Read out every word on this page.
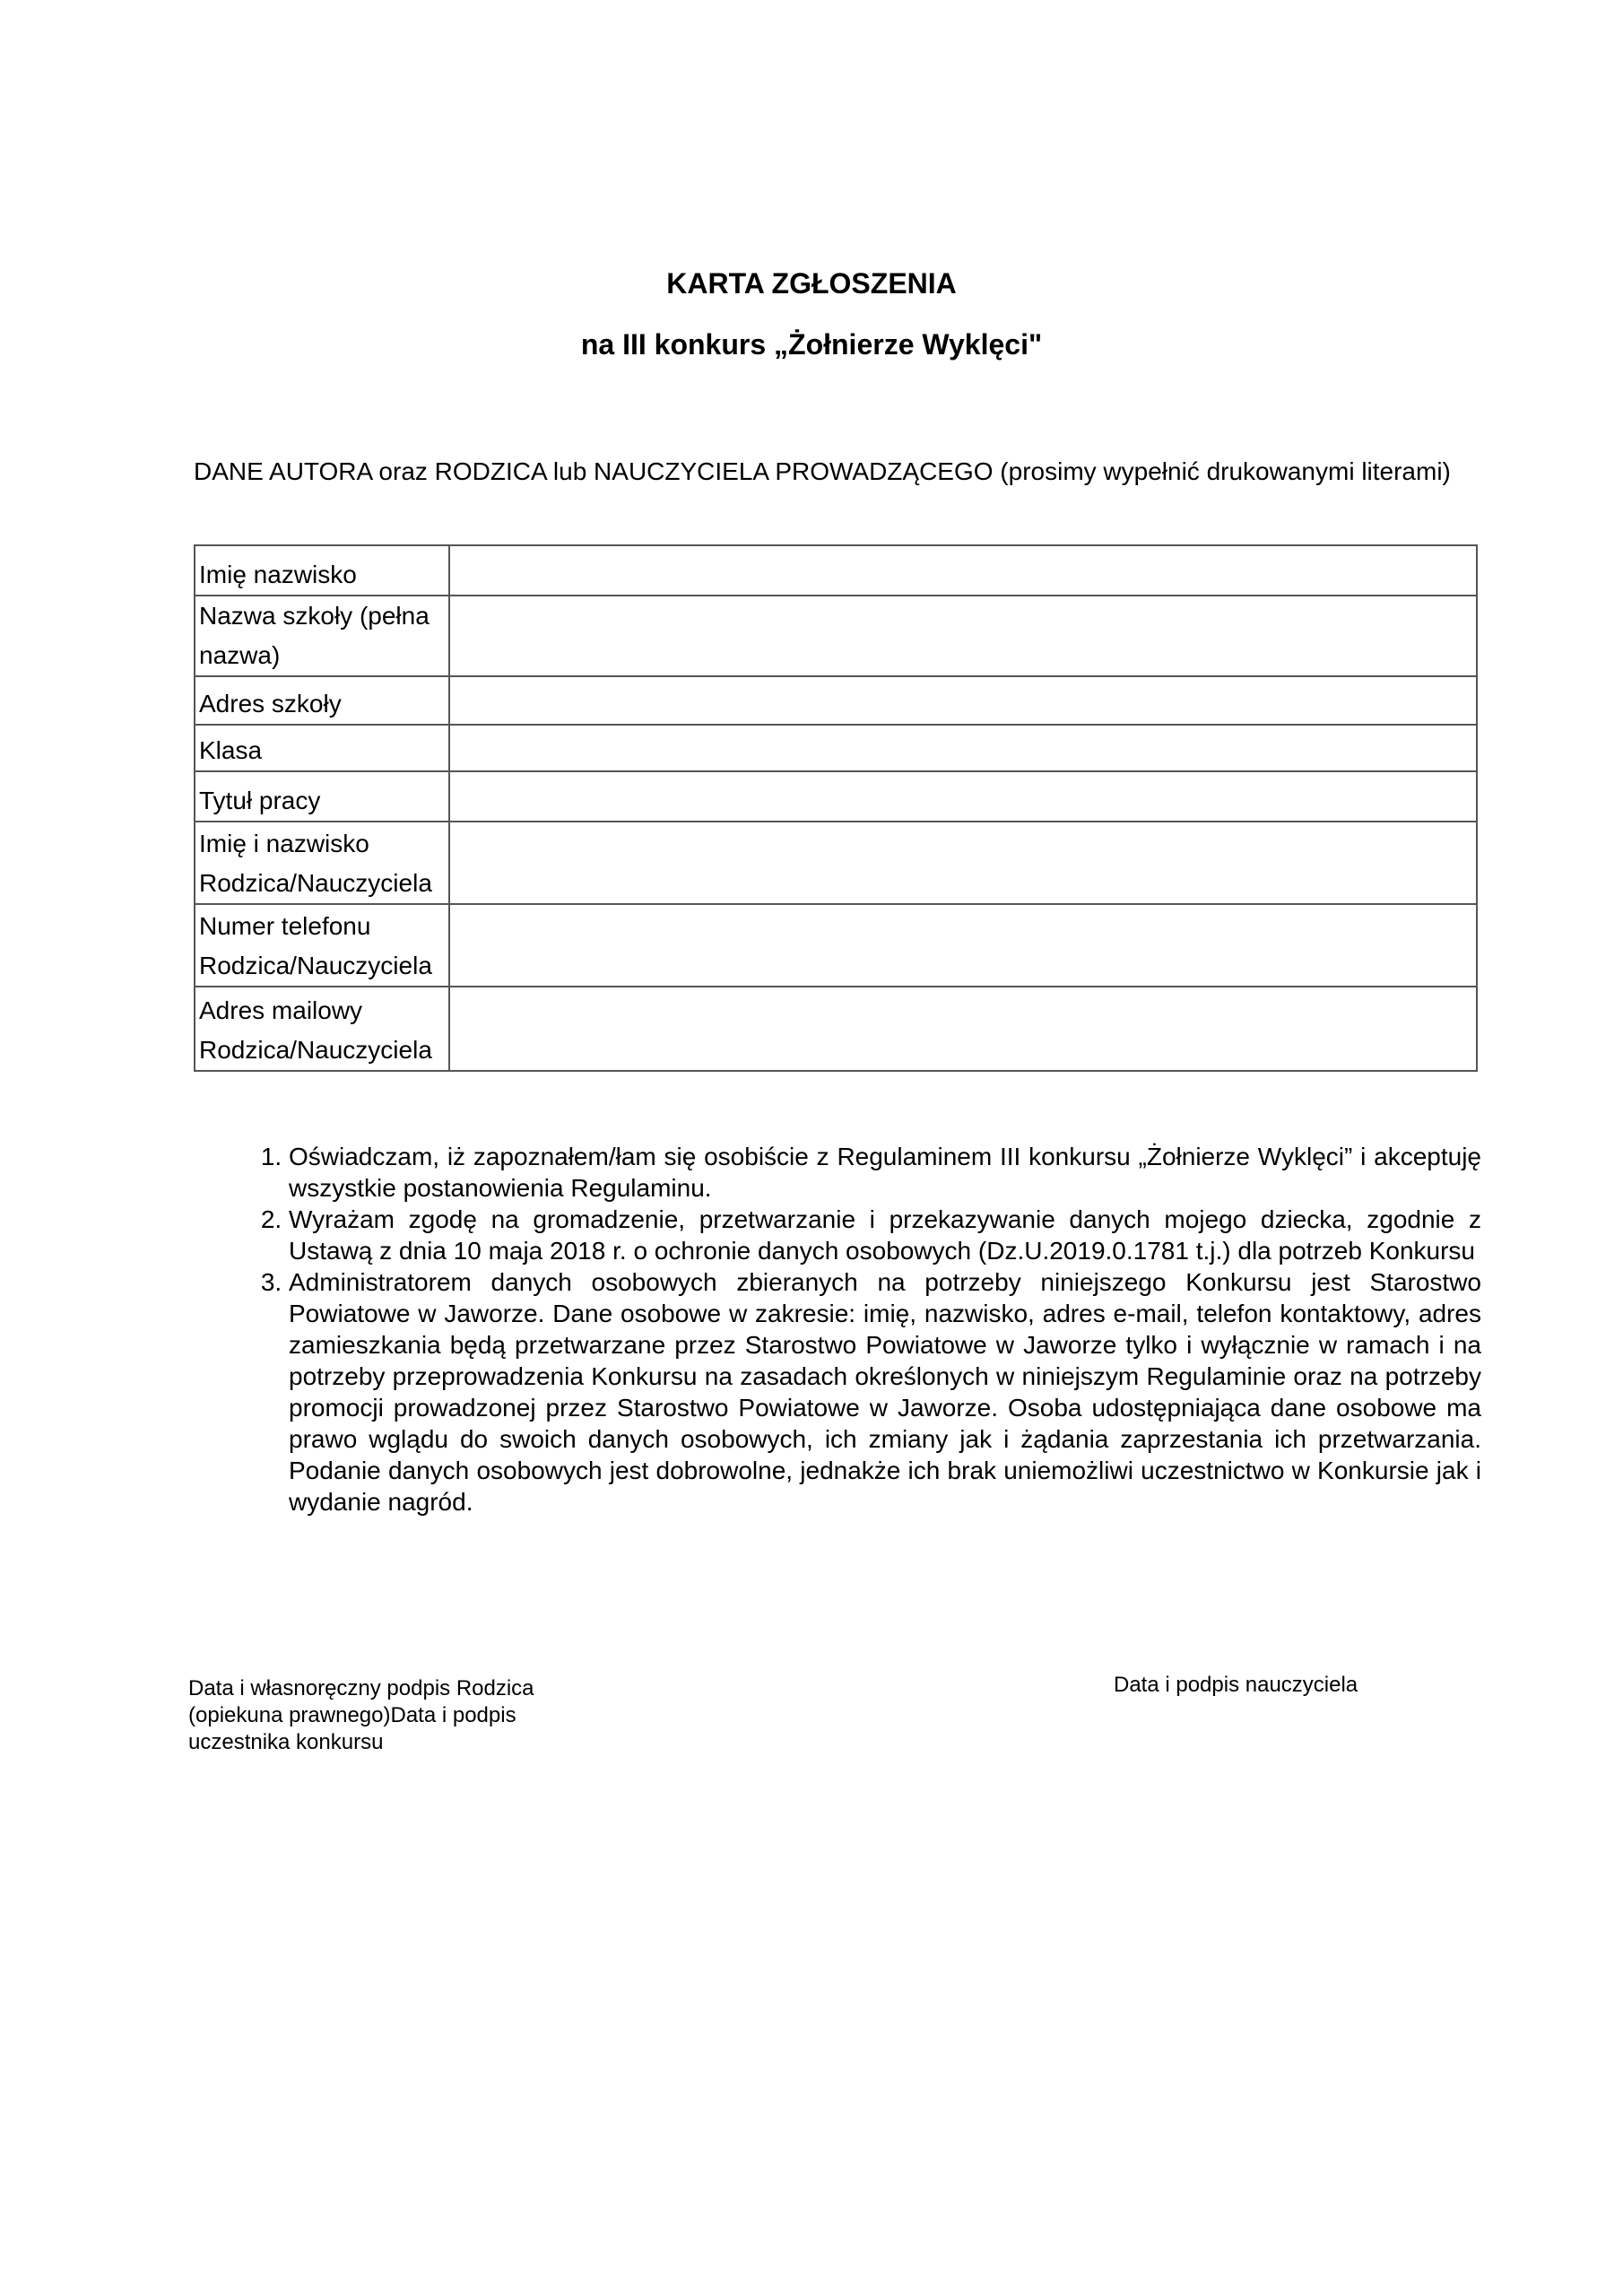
KARTA ZGŁOSZENIA
na III konkurs „Żołnierze Wyklęci"

DANE AUTORA oraz RODZICA lub NAUCZYCIELA PROWADZĄCEGO (prosimy wypełnić drukowanymi literami)

Imię nazwisko	
Nazwa szkoły (pełna nazwa)	
Adres szkoły	
Klasa	
Tytuł pracy	
Imię i nazwisko Rodzica/Nauczyciela	
Numer telefonu Rodzica/Nauczyciela	
Adres mailowy Rodzica/Nauczyciela	
1. Oświadczam, iż zapoznałem/łam się osobiście z Regulaminem III konkursu „Żołnierze Wyklęci” i akceptuję wszystkie postanowienia Regulaminu.
2. Wyrażam zgodę na gromadzenie, przetwarzanie i przekazywanie danych mojego dziecka, zgodnie z Ustawą z dnia 10 maja 2018 r. o ochronie danych osobowych (Dz.U.2019.0.1781 t.j.) dla potrzeb Konkursu
3. Administratorem danych osobowych zbieranych na potrzeby niniejszego Konkursu jest Starostwo Powiatowe w Jaworze. Dane osobowe w zakresie: imię, nazwisko, adres e-mail, telefon kontaktowy, adres zamieszkania będą przetwarzane przez Starostwo Powiatowe w Jaworze tylko i wyłącznie w ramach i na potrzeby przeprowadzenia Konkursu na zasadach określonych w niniejszym Regulaminie oraz na potrzeby promocji prowadzonej przez Starostwo Powiatowe w Jaworze. Osoba udostępniająca dane osobowe ma prawo wglądu do swoich danych osobowych, ich zmiany jak i żądania zaprzestania ich przetwarzania. Podanie danych osobowych jest dobrowolne, jednakże ich brak uniemożliwi uczestnictwo w Konkursie jak i wydanie nagród.

Data i własnoręczny podpis Rodzica (opiekuna prawnego)Data i podpis uczestnika konkursu

Data i podpis nauczyciela
